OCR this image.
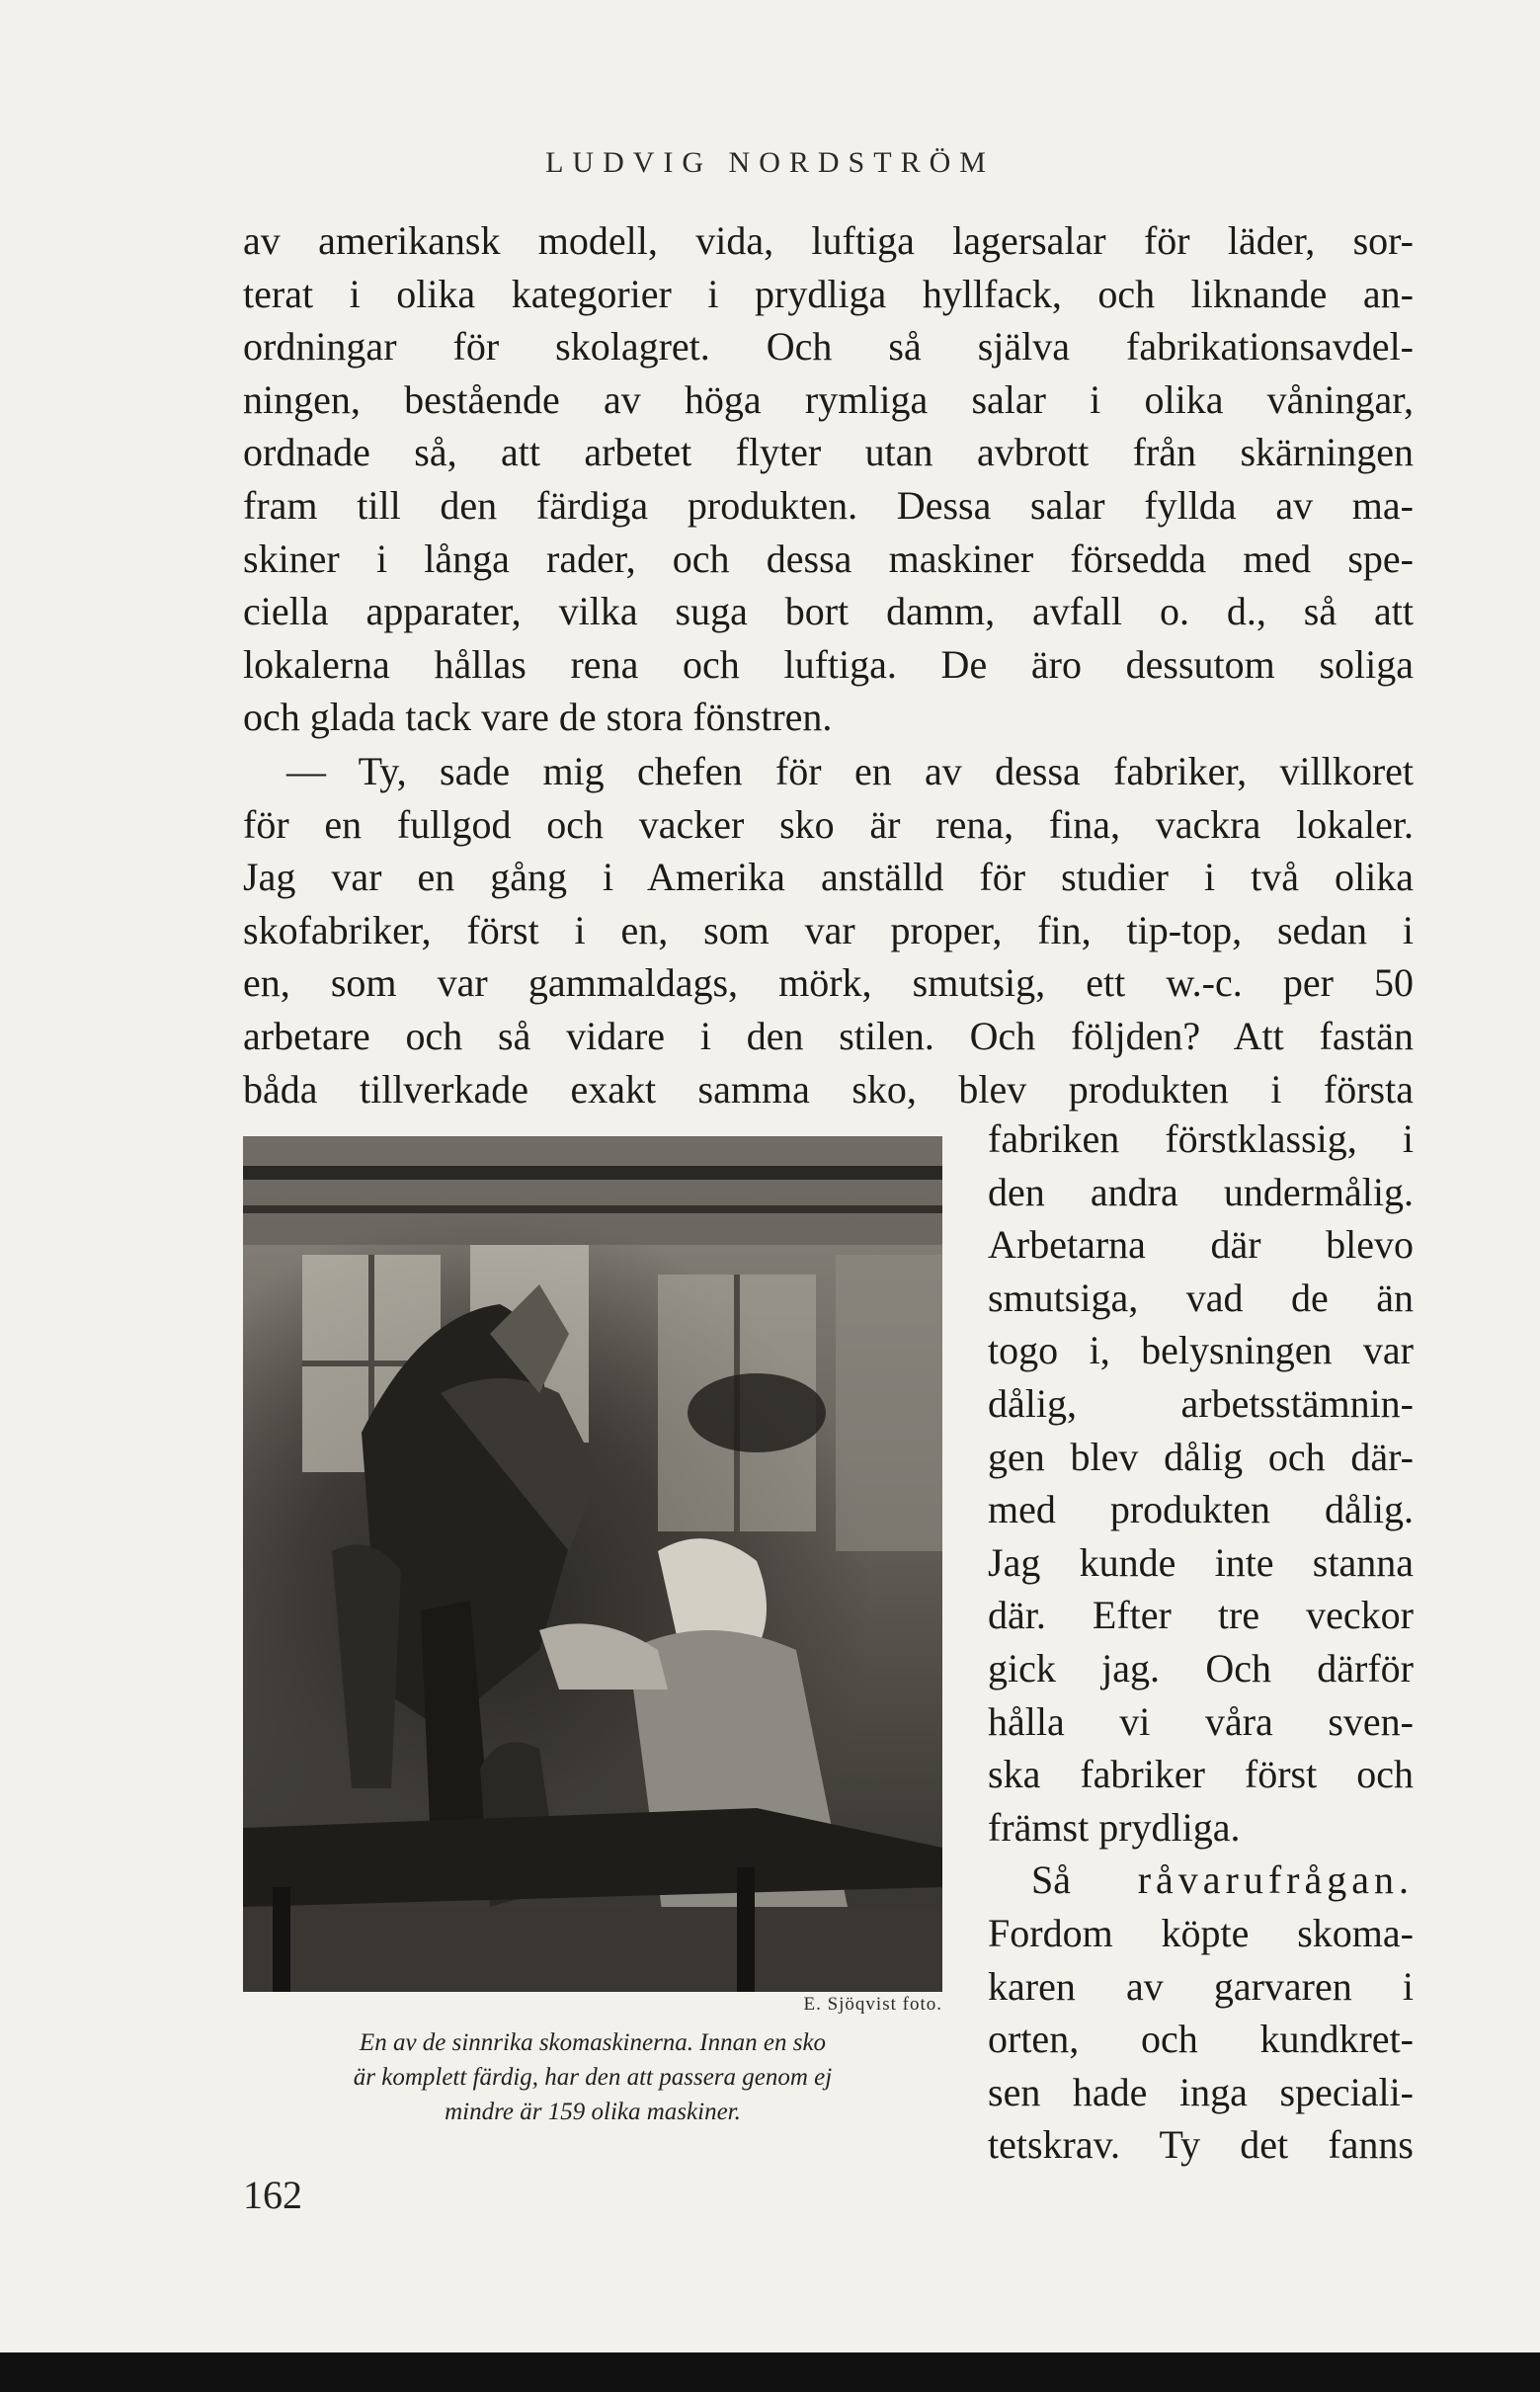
LUDVIG NORDSTRÖM
av amerikansk modell, vida, luftiga lagersalar för läder, sor-
terat i olika kategorier i prydliga hyllfack, och liknande an-
ordningar för skolagret. Och så själva fabrikationsavdel-
ningen, bestående av höga rymliga salar i olika våningar,
ordnade så, att arbetet flyter utan avbrott från skärningen
fram till den färdiga produkten. Dessa salar fyllda av ma-
skiner i långa rader, och dessa maskiner försedda med spe-
ciella apparater, vilka suga bort damm, avfall o. d., så att
lokalerna hållas rena och luftiga. De äro dessutom soliga
och glada tack vare de stora fönstren.
— Ty, sade mig chefen för en av dessa fabriker, villkoret
för en fullgod och vacker sko är rena, fina, vackra lokaler.
Jag var en gång i Amerika anställd för studier i två olika
skofabriker, först i en, som var proper, fin, tip-top, sedan i
en, som var gammaldags, mörk, smutsig, ett w.-c. per 50
arbetare och så vidare i den stilen. Och följden? Att fastän
båda tillverkade exakt samma sko, blev produkten i första
E. Sjöqvist foto.
En av de sinnrika skomaskinerna. Innan en sko
är komplett färdig, har den att passera genom ej
mindre är 159 olika maskiner.
fabriken förstklassig, i
den andra undermålig.
Arbetarna där blevo
smutsiga, vad de än
togo i, belysningen var
dålig, arbetsstämnin-
gen blev dålig och där-
med produkten dålig.
Jag kunde inte stanna
där. Efter tre veckor
gick jag. Och därför
hålla vi våra sven-
ska fabriker först och
främst prydliga.
Så råvarufrågan.
Fordom köpte skoma-
karen av garvaren i
orten, och kundkret-
sen hade inga speciali-
tetskrav. Ty det fanns
162
